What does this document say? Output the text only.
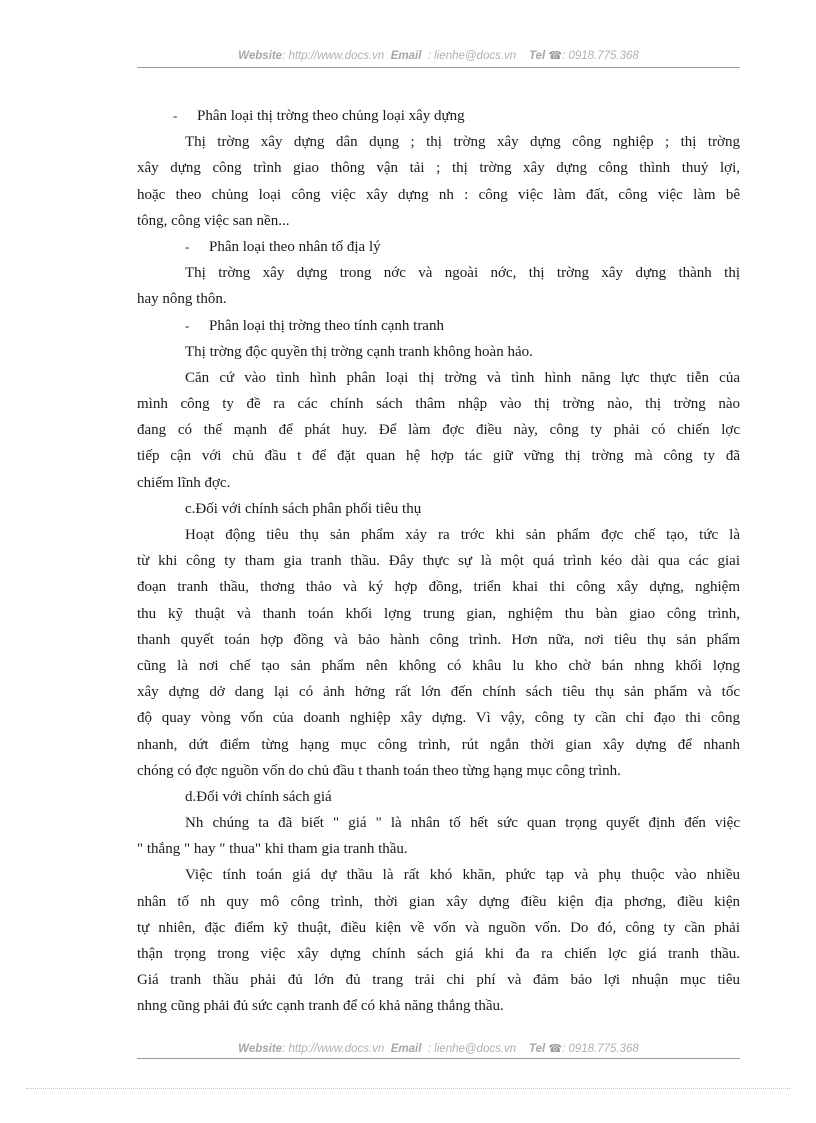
Website: http://www.docs.vn Email : lienhe@docs.vn Tel ☎: 0918.775.368
- Phân loại thị trờng theo chủng loại xây dựng
Thị trờng xây dựng dân dụng ; thị trờng xây dựng công nghiệp ; thị trờng
xây dựng công trình giao thông vận tải ; thị trờng xây dựng công thình thuỷ lợi,
hoặc theo chủng loại công việc xây dựng nh : công việc làm đất, công việc làm bê
tông, công việc san nền...
- Phân loại theo nhân tố địa lý
Thị trờng xây dựng trong nớc và ngoài nớc, thị trờng xây dựng thành thị
hay nông thôn.
- Phân loại thị trờng theo tính cạnh tranh
Thị trờng độc quyền thị trờng cạnh tranh không hoàn hảo.
Căn cứ vào tình hình phân loại thị trờng và tình hình năng lực thực tiễn của
mình công ty đề ra các chính sách thâm nhập vào thị trờng nào, thị trờng nào
đang có thế mạnh để phát huy. Để làm đợc điều này, công ty phải có chiến lợc
tiếp cận với chủ đầu t để đặt quan hệ hợp tác giữ vững thị trờng mà công ty đã
chiếm lĩnh đợc.
c.Đối với chính sách phân phối tiêu thụ
Hoạt động tiêu thụ sản phẩm xảy ra trớc khi sản phẩm đợc chế tạo, tức là
từ khi công ty tham gia tranh thầu. Đây thực sự là một quá trình kéo dài qua các giai
đoạn tranh thầu, thơng thảo và ký hợp đồng, triển khai thi công xây dựng, nghiệm
thu kỹ thuật và thanh toán khối lợng trung gian, nghiệm thu bàn giao công trình,
thanh quyết toán hợp đồng và bảo hành công trình. Hơn nữa, nơi tiêu thụ sản phẩm
cũng là nơi chế tạo sản phẩm nên không có khâu lu kho chờ bán nhng khối lợng
xây dựng dở dang lại có ảnh hởng rất lớn đến chính sách tiêu thụ sản phẩm và tốc
độ quay vòng vốn của doanh nghiệp xây dựng. Vì vậy, công ty cần chỉ đạo thi công
nhanh, dứt điểm từng hạng mục công trình, rút ngắn thời gian xây dựng để nhanh
chóng có đợc nguồn vốn do chủ đầu t thanh toán theo từng hạng mục công trình.
d.Đối với chính sách giá
Nh chúng ta đã biết " giá " là nhân tố hết sức quan trọng quyết định đến việc
" thắng " hay " thua" khi tham gia tranh thầu.
Việc tính toán giá dự thầu là rất khó khăn, phức tạp và phụ thuộc vào nhiều
nhân tố nh quy mô công trình, thời gian xây dựng điều kiện địa phơng, điều kiện
tự nhiên, đặc điểm kỹ thuật, điều kiện về vốn và nguồn vốn. Do đó, công ty cần phải
thận trọng trong việc xây dựng chính sách giá khi đa ra chiến lợc giá tranh thầu.
Giá tranh thầu phải đủ lớn đủ trang trải chi phí và đảm bảo lợi nhuận mục tiêu
nhng cũng phải đủ sức cạnh tranh để có khả năng thắng thầu.
Website: http://www.docs.vn Email : lienhe@docs.vn Tel ☎: 0918.775.368
